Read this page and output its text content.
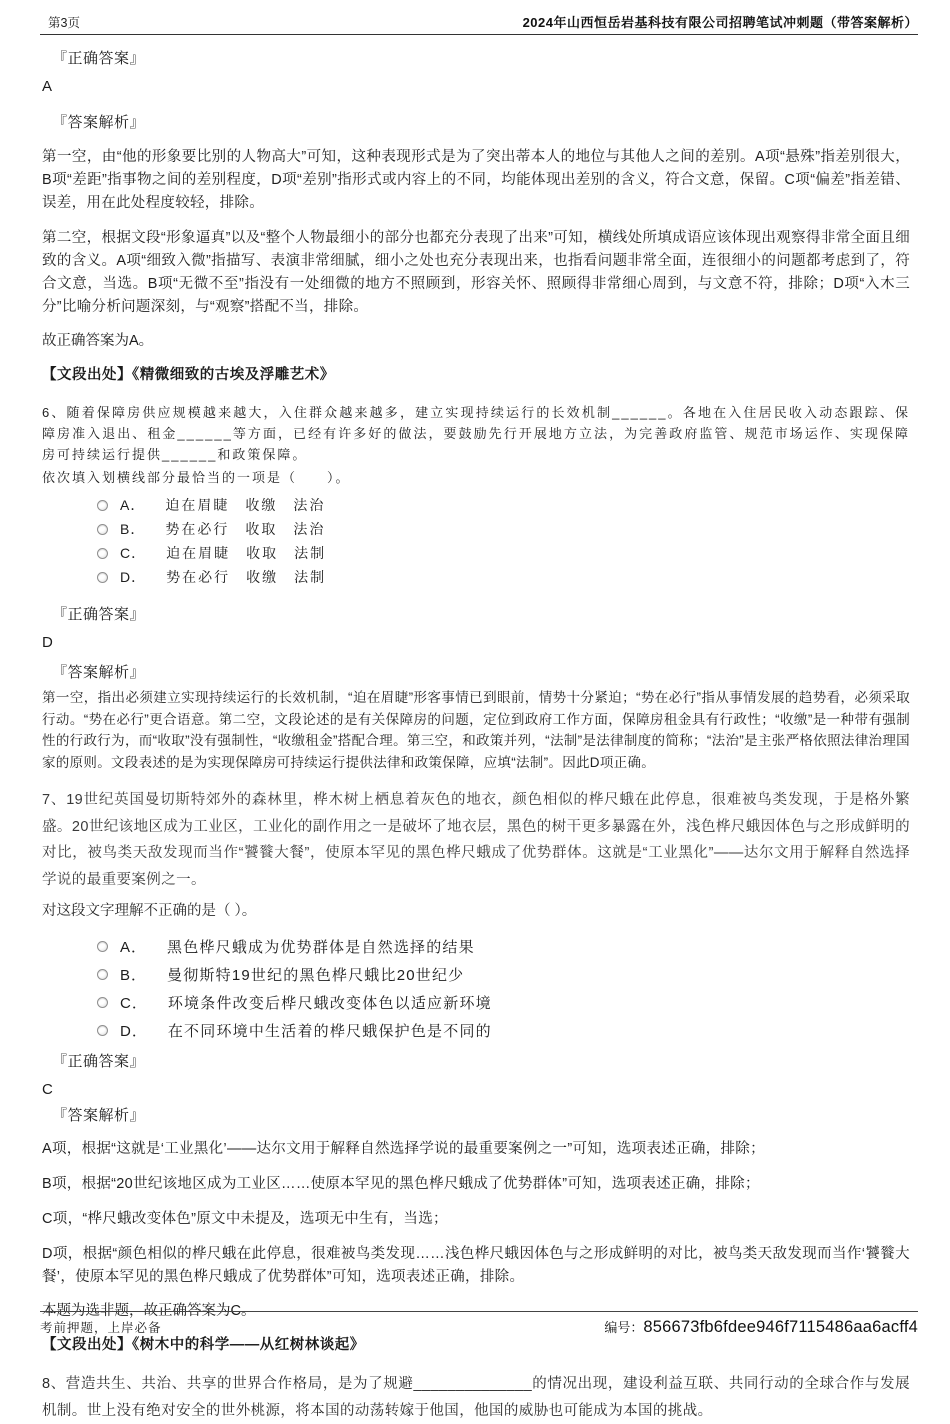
第3页	2024年山西恒岳岩基科技有限公司招聘笔试冲刺题（带答案解析）
『正确答案』
A
『答案解析』

第一空，由“他的形象要比别的人物高大”可知，这种表现形式是为了突出蒂本人的地位与其他人之间的差别。A项“悬殊”指差别很大，B项“差距”指事物之间的差别程度，D项“差别”指形式或内容上的不同，均能体现出差别的含义，符合文意，保留。C项“偏差”指差错、误差，用在此处程度较轻，排除。

第二空，根据文段“形象逼真”以及“整个人物最细小的部分也都充分表现了出来”可知，横线处所填成语应该体现出观察得非常全面且细致的含义。A项“细致入微”指描写、表演非常细腻，细小之处也充分表现出来，也指看问题非常全面，连很细小的问题都考虑到了，符合文意，当选。B项“无微不至”指没有一处细微的地方不照顾到，形容关怀、照顾得非常细心周到，与文意不符，排除；D项“入木三分”比喻分析问题深刻，与“观察”搭配不当，排除。

故正确答案为A。

【文段出处】《精微细致的古埃及浮雕艺术》

6、随着保障房供应规模越来越大，入住群众越来越多，建立实现持续运行的长效机制______。各地在入住居民收入动态跟踪、保障房准入退出、租金______等方面，已经有许多好的做法，要鼓励先行开展地方立法，为完善政府监管、规范市场运作、实现保障房可持续运行提供______和政策保障。

依次填入划横线部分最恰当的一项是（　　）。

A． 迫在眉睫　收缴　法治
B． 势在必行　收取　法治
C． 迫在眉睫　收取　法制
D． 势在必行　收缴　法制
『正确答案』
D
『答案解析』

第一空，指出必须建立实现持续运行的长效机制，“迫在眉睫”形客事情已到眼前，情势十分紧迫；“势在必行”指从事情发展的趋势看，必须采取行动。“势在必行”更合语意。第二空，文段论述的是有关保障房的问题，定位到政府工作方面，保障房租金具有行政性；“收缴”是一种带有强制性的行政行为，而“收取”没有强制性，“收缴租金”搭配合理。第三空，和政策并列，“法制”是法律制度的简称；“法治”是主张严格依照法律治理国家的原则。文段表述的是为实现保障房可持续运行提供法律和政策保障，应填“法制”。因此D项正确。

7、19世纪英国曼切斯特郊外的森林里，桦木树上栖息着灰色的地衣，颜色相似的桦尺蛾在此停息，很难被鸟类发现，于是格外繁盛。20世纪该地区成为工业区，工业化的副作用之一是破坏了地衣层，黑色的树干更多暴露在外，浅色桦尺蛾因体色与之形成鲜明的对比，被鸟类天敌发现而当作“饕餮大餐”，使原本罕见的黑色桦尺蛾成了优势群体。这就是“工业黑化”——达尔文用于解释自然选择学说的最重要案例之一。

对这段文字理解不正确的是（ ）。

A． 黑色桦尺蛾成为优势群体是自然选择的结果
B． 曼彻斯特19世纪的黑色桦尺蛾比20世纪少
C． 环境条件改变后桦尺蛾改变体色以适应新环境
D． 在不同环境中生活着的桦尺蛾保护色是不同的
『正确答案』
C
『答案解析』

A项，根据“这就是‘工业黑化’——达尔文用于解释自然选择学说的最重要案例之一”可知，选项表述正确，排除；

B项，根据“20世纪该地区成为工业区……使原本罕见的黑色桦尺蛾成了优势群体”可知，选项表述正确，排除；

C项，“桦尺蛾改变体色”原文中未提及，选项无中生有，当选；

D项，根据“颜色相似的桦尺蛾在此停息，很难被鸟类发现……浅色桦尺蛾因体色与之形成鲜明的对比，被鸟类天敌发现而当作‘饕餮大餐’，使原本罕见的黑色桦尺蛾成了优势群体”可知，选项表述正确，排除。

本题为选非题，故正确答案为C。

【文段出处】《树木中的科学——从红树林谈起》

8、营造共生、共治、共享的世界合作格局，是为了规避______________的情况出现，建设利益互联、共同行动的全球合作与发展机制。世上没有绝对安全的世外桃源，将本国的动荡转嫁于他国，他国的威胁也可能成为本国的挑战。

考前押题，上岸必备	编号：856673fb6fdee946f7115486aa6acff4
